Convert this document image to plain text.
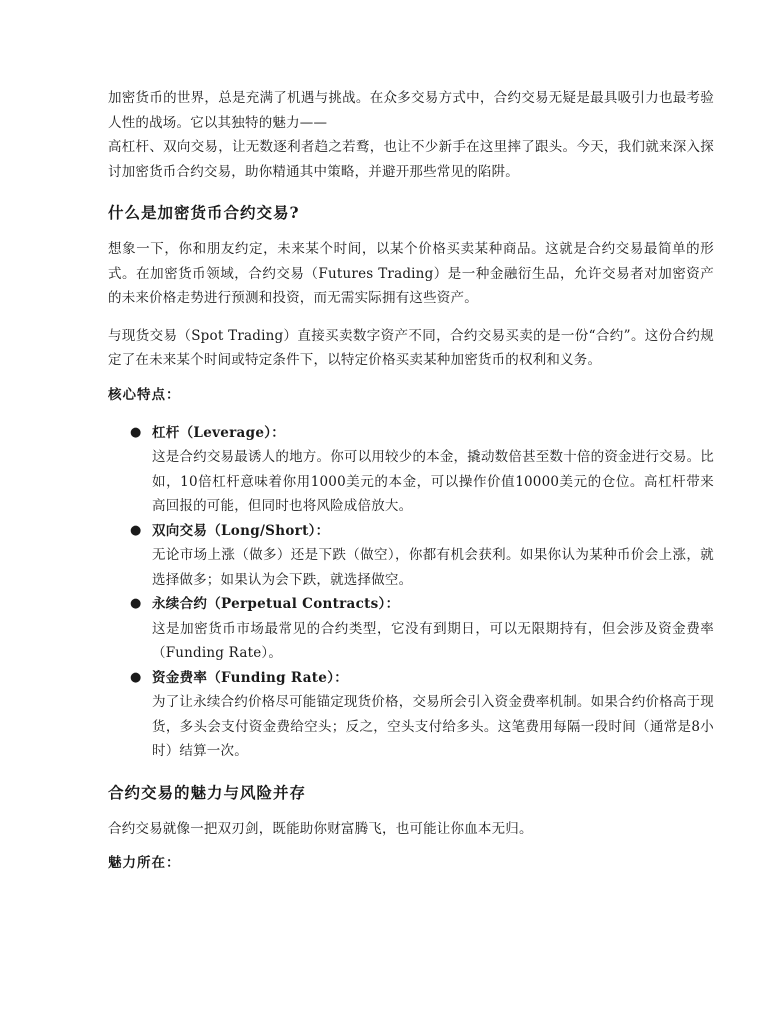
加密货币的世界，总是充满了机遇与挑战。在众多交易方式中，合约交易无疑是最具吸引力也最考验人性的战场。它以其独特的魅力——

高杠杆、双向交易，让无数逐利者趋之若鹜，也让不少新手在这里摔了跟头。今天，我们就来深入探讨加密货币合约交易，助你精通其中策略，并避开那些常见的陷阱。

什么是加密货币合约交易?

想象一下，你和朋友约定，未来某个时间，以某个价格买卖某种商品。这就是合约交易最简单的形式。在加密货币领域，合约交易（Futures Trading）是一种金融衍生品，允许交易者对加密资产的未来价格走势进行预测和投资，而无需实际拥有这些资产。

与现货交易（Spot Trading）直接买卖数字资产不同，合约交易买卖的是一份“合约”。这份合约规定了在未来某个时间或特定条件下，以特定价格买卖某种加密货币的权利和义务。

核心特点：
● 杠杆（Leverage）：

这是合约交易最诱人的地方。你可以用较少的本金，撬动数倍甚至数十倍的资金进行交易。比如，10倍杠杆意味着你用1000美元的本金，可以操作价值10000美元的仓位。高杠杆带来高回报的可能，但同时也将风险成倍放大。

● 双向交易（Long/Short）：

无论市场上涨（做多）还是下跌（做空），你都有机会获利。如果你认为某种币价会上涨，就选择做多；如果认为会下跌，就选择做空。

● 永续合约（Perpetual Contracts）：

这是加密货币市场最常见的合约类型，它没有到期日，可以无限期持有，但会涉及资金费率（Funding Rate）。

● 资金费率（Funding Rate）：

为了让永续合约价格尽可能锚定现货价格，交易所会引入资金费率机制。如果合约价格高于现货，多头会支付资金费给空头；反之，空头支付给多头。这笔费用每隔一段时间（通常是8小时）结算一次。

合约交易的魅力与风险并存

合约交易就像一把双刃剑，既能助你财富腾飞，也可能让你血本无归。

魅力所在：
